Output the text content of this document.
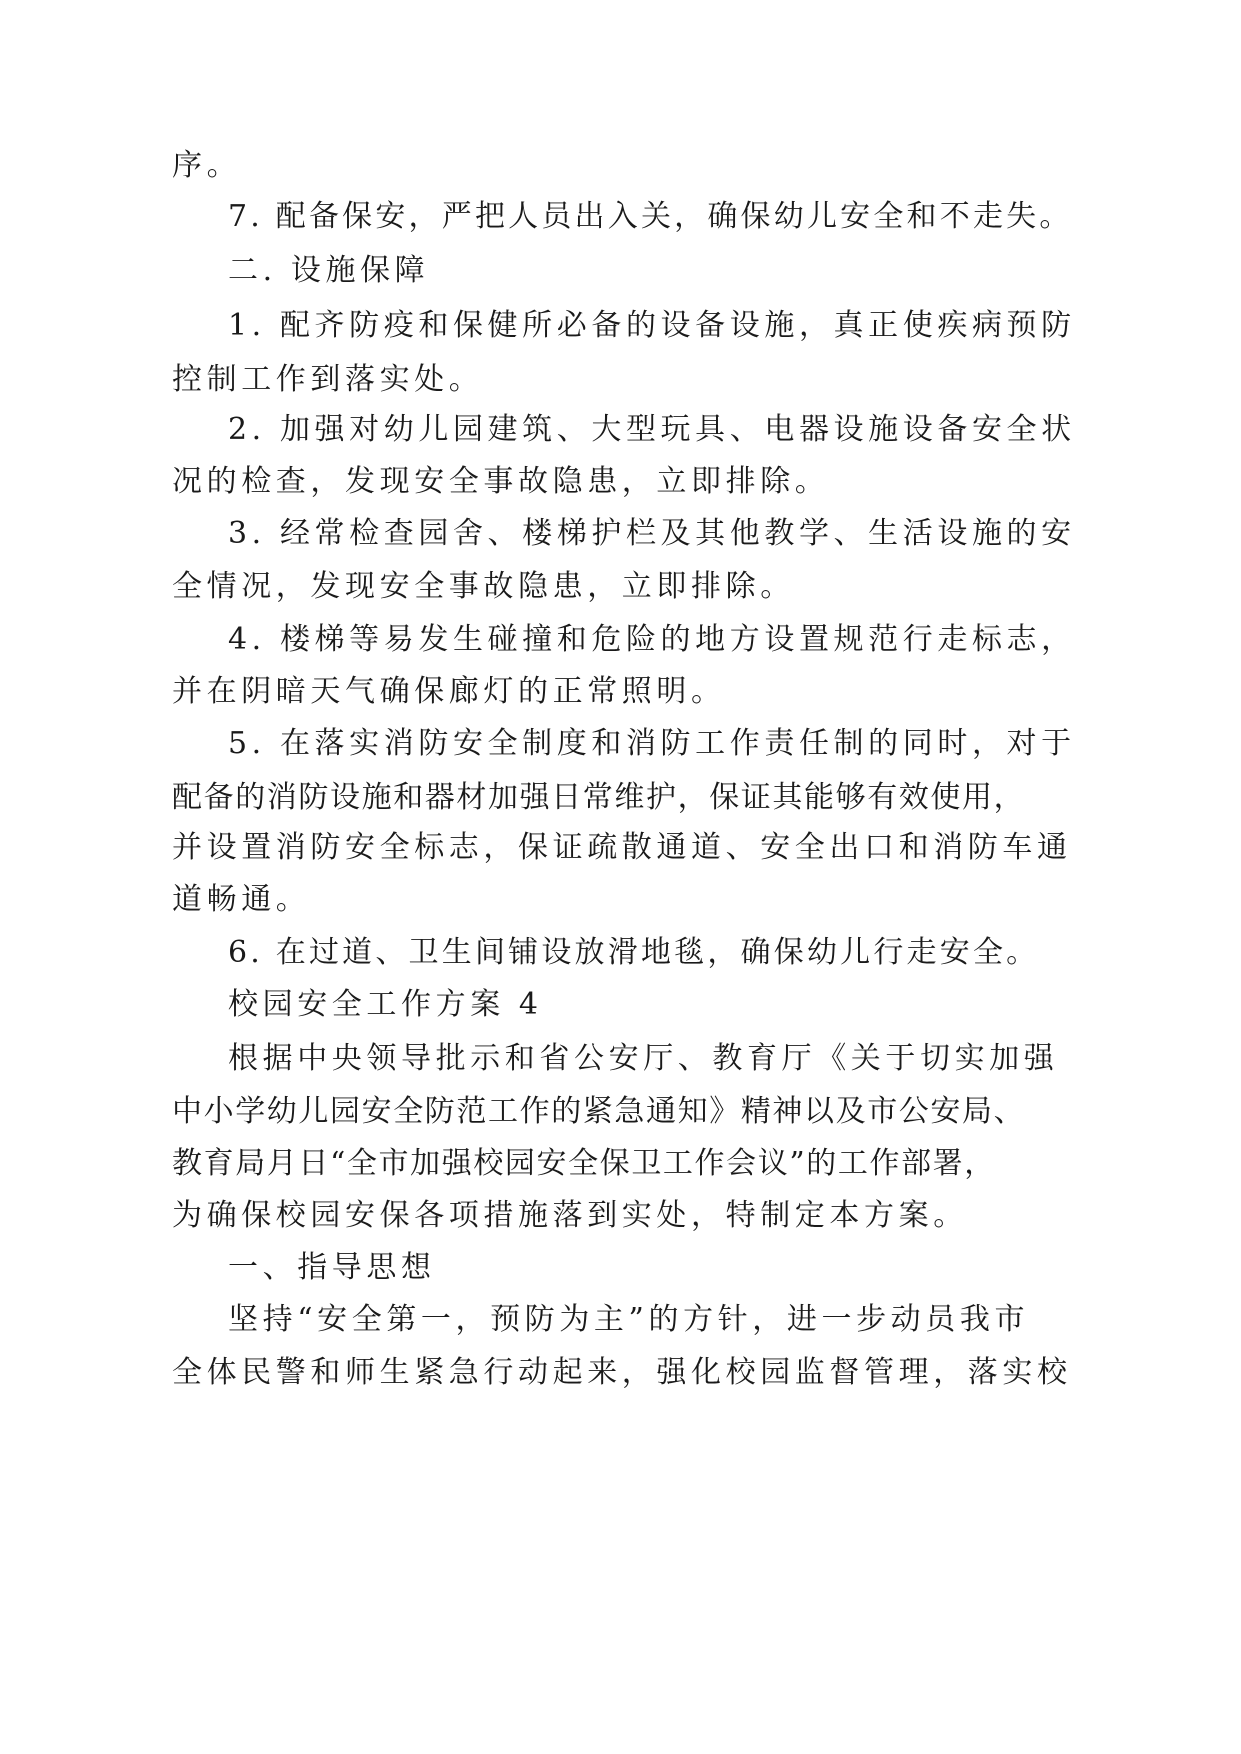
序。
7. 配备保安，严把人员出入关，确保幼儿安全和不走失。
二. 设施保障
1. 配齐防疫和保健所必备的设备设施，真正使疾病预防
控制工作到落实处。
2. 加强对幼儿园建筑、大型玩具、电器设施设备安全状
况的检查，发现安全事故隐患，立即排除。
3. 经常检查园舍、楼梯护栏及其他教学、生活设施的安
全情况，发现安全事故隐患，立即排除。
4. 楼梯等易发生碰撞和危险的地方设置规范行走标志，
并在阴暗天气确保廊灯的正常照明。
5. 在落实消防安全制度和消防工作责任制的同时，对于
配备的消防设施和器材加强日常维护，保证其能够有效使用，
并设置消防安全标志，保证疏散通道、安全出口和消防车通
道畅通。
6. 在过道、卫生间铺设放滑地毯，确保幼儿行走安全。
校园安全工作方案 4
根据中央领导批示和省公安厅、教育厅《关于切实加强
中小学幼儿园安全防范工作的紧急通知》精神以及市公安局、
教育局月日“全市加强校园安全保卫工作会议”的工作部署，
为确保校园安保各项措施落到实处，特制定本方案。
一、指导思想
坚持“安全第一，预防为主”的方针，进一步动员我市
全体民警和师生紧急行动起来，强化校园监督管理，落实校
